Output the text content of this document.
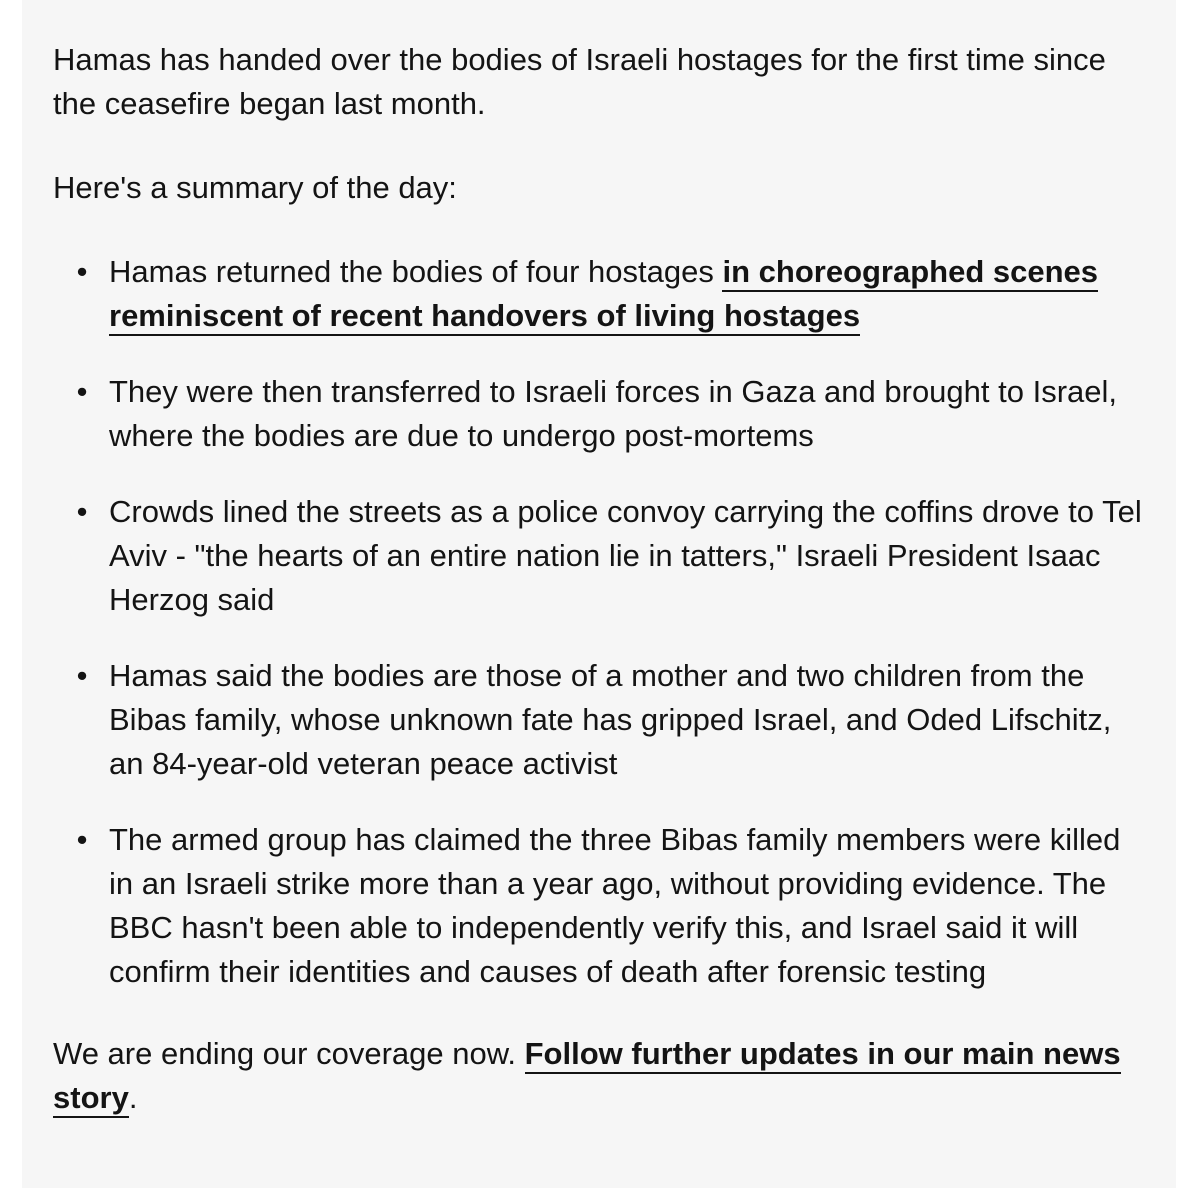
Hamas has handed over the bodies of Israeli hostages for the first time since the ceasefire began last month.

Here's a summary of the day:

• Hamas returned the bodies of four hostages in choreographed scenes reminiscent of recent handovers of living hostages
• They were then transferred to Israeli forces in Gaza and brought to Israel, where the bodies are due to undergo post-mortems
• Crowds lined the streets as a police convoy carrying the coffins drove to Tel Aviv - "the hearts of an entire nation lie in tatters," Israeli President Isaac Herzog said
• Hamas said the bodies are those of a mother and two children from the Bibas family, whose unknown fate has gripped Israel, and Oded Lifschitz, an 84-year-old veteran peace activist
• The armed group has claimed the three Bibas family members were killed in an Israeli strike more than a year ago, without providing evidence. The BBC hasn't been able to independently verify this, and Israel said it will confirm their identities and causes of death after forensic testing

We are ending our coverage now. Follow further updates in our main news story.
